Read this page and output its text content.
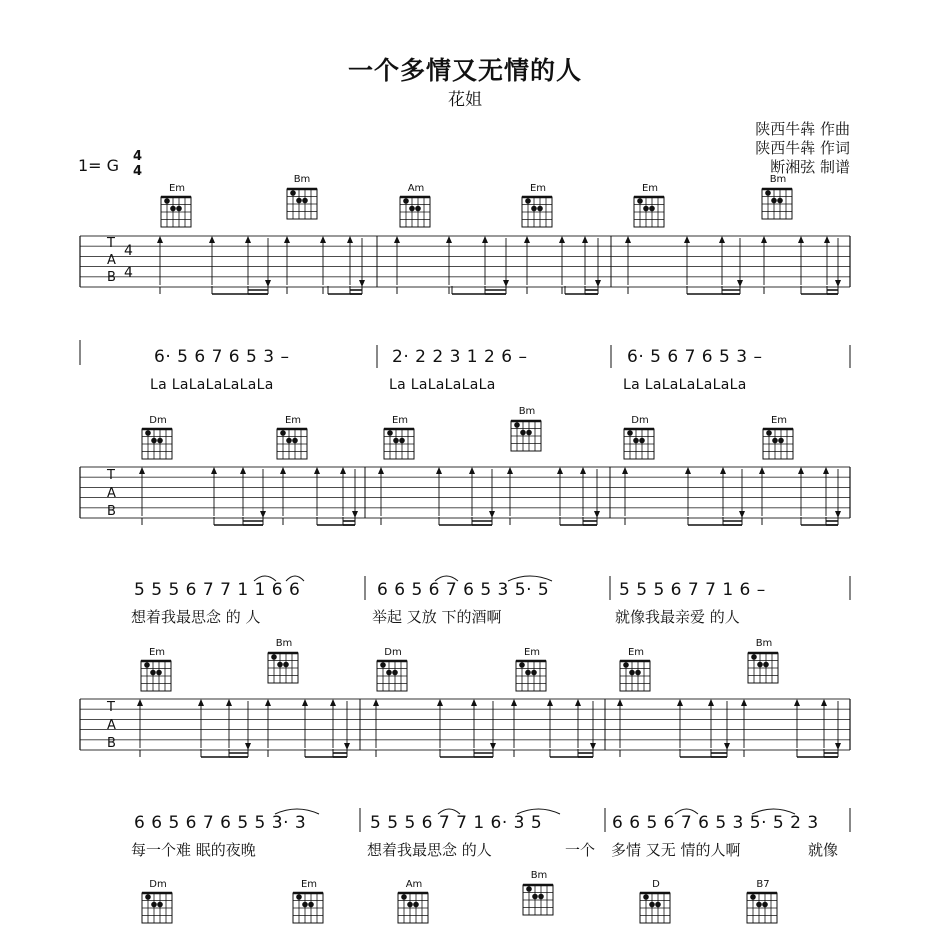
一个多情又无情的人
花姐
陕西牛犇 作曲
陕西牛犇 作词
断湘弦 制谱
1= G 4
4
Em
Bm
Am	Em	Em
Bm
Dm	Em	Em
Bm
Dm	Em
Em
Bm
Dm	Em	Em
Bm
Dm	Em	Am
Bm
D	B7
T
A
B
4
4
T
A
B
T
A
B
6· 5 6 7 6 5 3 –	2· 2 2 3 1 2 6 –	6· 5 6 7 6 5 3 –
La LaLaLaLaLaLa	La LaLaLaLaLa	La LaLaLaLaLaLa
5 5 5 6 7 7 1 1 6 6	6 6 5 6 7 6 5 3 5· 5	5 5 5 6 7 7 1 6 –
想着我最思念 的 人	举起 又放 下的酒啊	就像我最亲爱 的人
6 6 5 6 7 6 5 5 3· 3	5 5 5 6 7 7 1 6· 3 5	6 6 5 6 7 6 5 3 5· 5 2 3
每一个难 眠的夜晚	想着我最思念 的人	一个 多情 又无 情的人啊	就像
